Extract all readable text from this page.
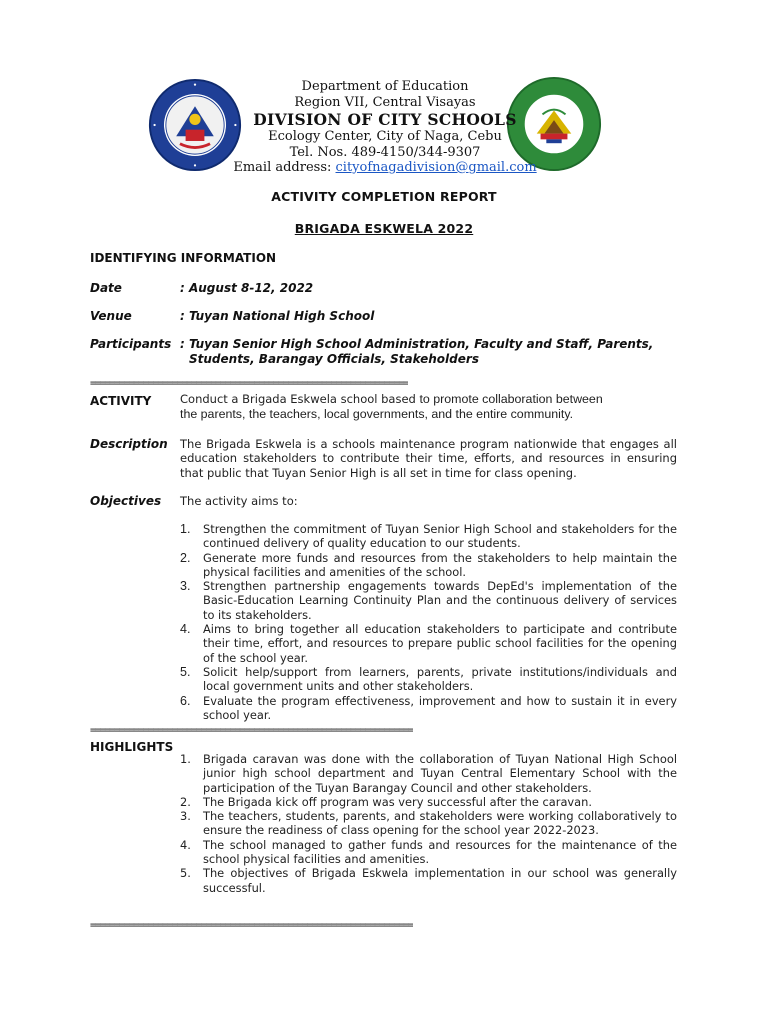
Department of Education
Region VII, Central Visayas
DIVISION OF CITY SCHOOLS
Ecology Center, City of Naga, Cebu
Tel. Nos. 489-4150/344-9307
Email address: cityofnagadivision@gmail.com
ACTIVITY COMPLETION REPORT
BRIGADA ESKWELA 2022
IDENTIFYING INFORMATION
Date	: August 8-12, 2022
Venue	: Tuyan National High School
Participants : Tuyan Senior High School Administration, Faculty and Staff, Parents,
Students, Barangay Officials, Stakeholders
==================================================================
ACTIVITY Conduct a Brigada Eskwela school based to promote collaboration between
the parents, the teachers, local governments, and the entire community.
Description The Brigada Eskwela is a schools maintenance program nationwide that engages all education stakeholders to contribute their time, efforts, and resources in ensuring that public that Tuyan Senior High is all set in time for class opening.
Objectives The activity aims to:
1. Strengthen the commitment of Tuyan Senior High School and stakeholders for the continued delivery of quality education to our students.
2. Generate more funds and resources from the stakeholders to help maintain the physical facilities and amenities of the school.
3. Strengthen partnership engagements towards DepEd's implementation of the Basic-Education Learning Continuity Plan and the continuous delivery of services to its stakeholders.
4. Aims to bring together all education stakeholders to participate and contribute their time, effort, and resources to prepare public school facilities for the opening of the school year.
5. Solicit help/support from learners, parents, private institutions/individuals and local government units and other stakeholders.
6. Evaluate the program effectiveness, improvement and how to sustain it in every school year.
===================================================================
HIGHLIGHTS
1. Brigada caravan was done with the collaboration of Tuyan National High School junior high school department and Tuyan Central Elementary School with the participation of the Tuyan Barangay Council and other stakeholders.
2. The Brigada kick off program was very successful after the caravan.
3. The teachers, students, parents, and stakeholders were working collaboratively to ensure the readiness of class opening for the school year 2022-2023.
4. The school managed to gather funds and resources for the maintenance of the school physical facilities and amenities.
5. The objectives of Brigada Eskwela implementation in our school was generally successful.
===================================================================
